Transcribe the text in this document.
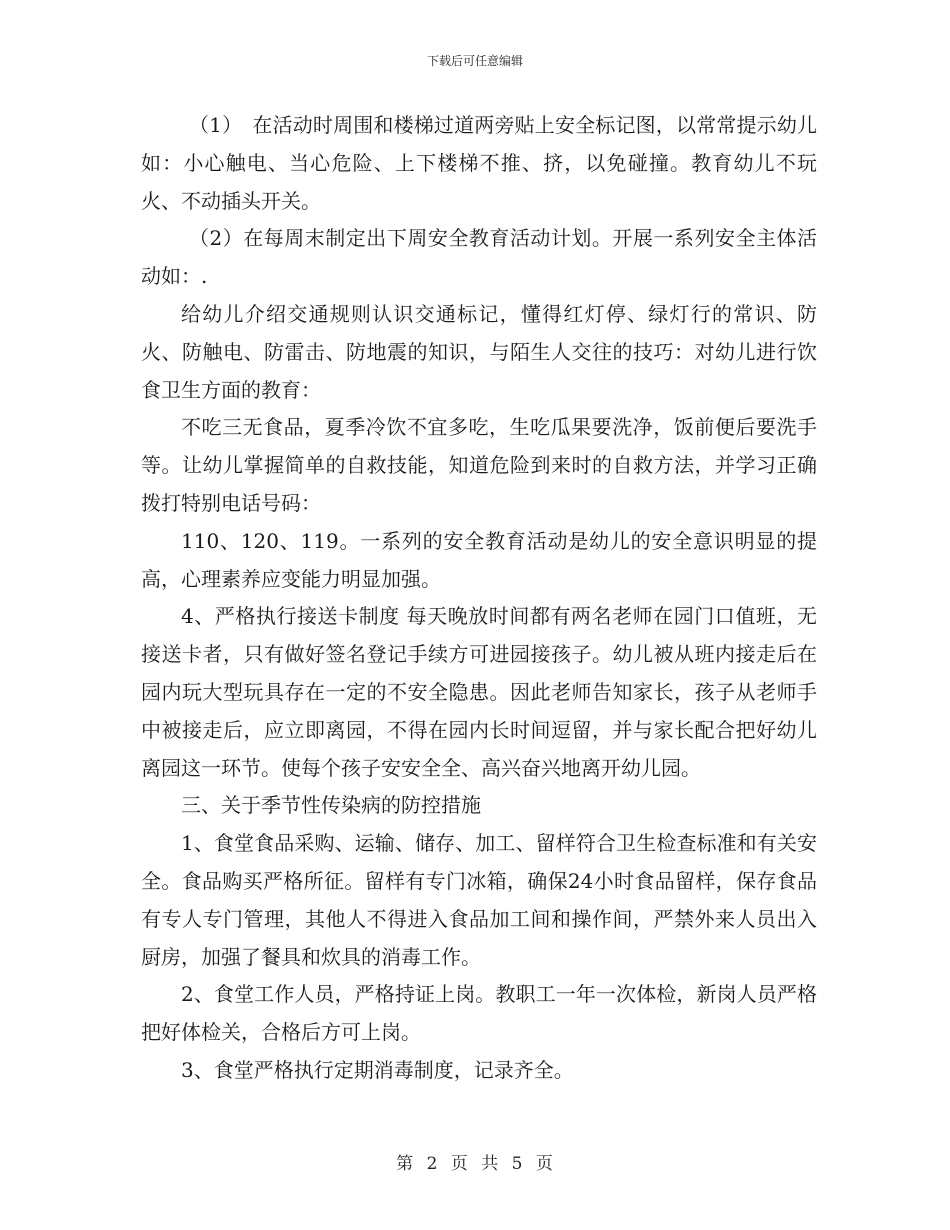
下载后可任意编辑

（1）　在活动时周围和楼梯过道两旁贴上安全标记图，以常常提示幼儿如：小心触电、当心危险、上下楼梯不推、挤，以免碰撞。教育幼儿不玩火、不动插头开关。

（2）在每周末制定出下周安全教育活动计划。开展一系列安全主体活动如：.

给幼儿介绍交通规则认识交通标记，懂得红灯停、绿灯行的常识、防火、防触电、防雷击、防地震的知识，与陌生人交往的技巧：对幼儿进行饮食卫生方面的教育：

不吃三无食品，夏季冷饮不宜多吃，生吃瓜果要洗净，饭前便后要洗手等。让幼儿掌握简单的自救技能，知道危险到来时的自救方法，并学习正确拨打特别电话号码：

110、120、119。一系列的安全教育活动是幼儿的安全意识明显的提高，心理素养应变能力明显加强。

4、严格执行接送卡制度 每天晚放时间都有两名老师在园门口值班，无接送卡者，只有做好签名登记手续方可进园接孩子。幼儿被从班内接走后在园内玩大型玩具存在一定的不安全隐患。因此老师告知家长，孩子从老师手中被接走后，应立即离园，不得在园内长时间逗留，并与家长配合把好幼儿离园这一环节。使每个孩子安安全全、高兴奋兴地离开幼儿园。

三、关于季节性传染病的防控措施

1、食堂食品采购、运输、储存、加工、留样符合卫生检查标准和有关安全。食品购买严格所征。留样有专门冰箱，确保24小时食品留样，保存食品有专人专门管理，其他人不得进入食品加工间和操作间，严禁外来人员出入厨房，加强了餐具和炊具的消毒工作。

2、食堂工作人员，严格持证上岗。教职工一年一次体检，新岗人员严格把好体检关，合格后方可上岗。

3、食堂严格执行定期消毒制度，记录齐全。

第 2 页 共 5 页
